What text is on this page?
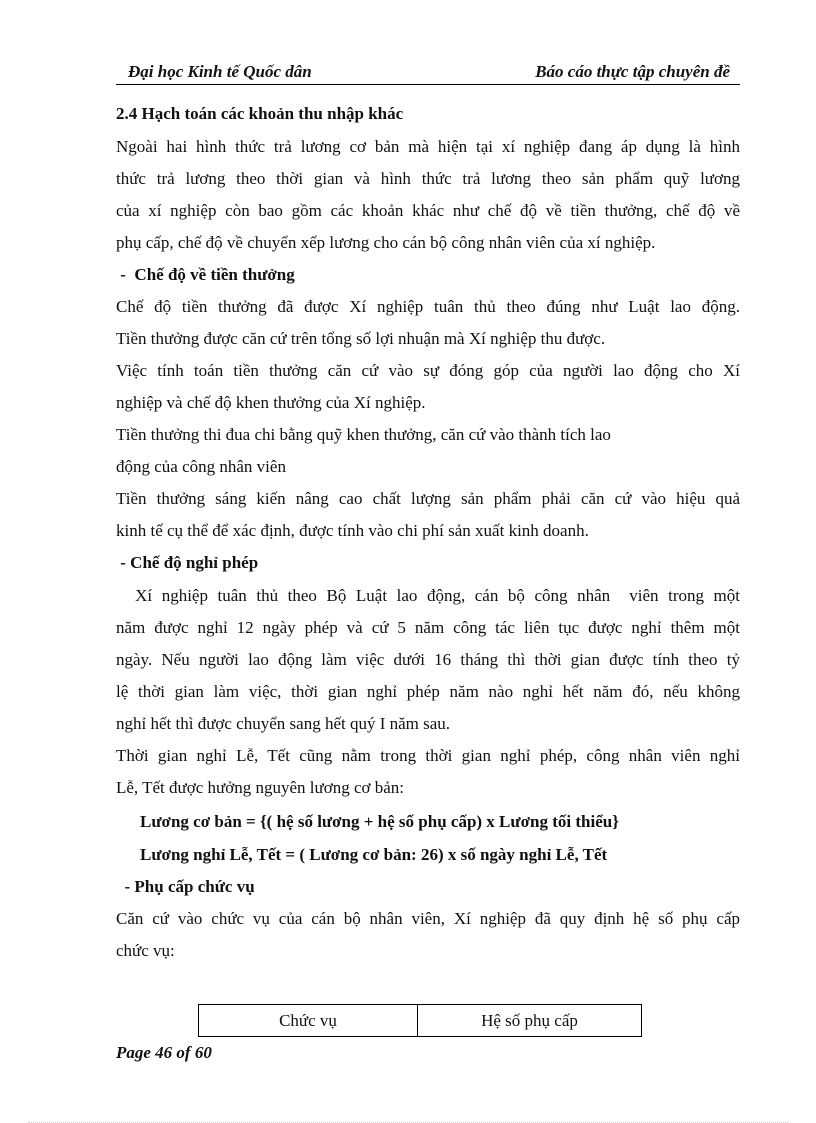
Đại học Kinh tế Quốc dân	Báo cáo thực tập chuyên đề
2.4 Hạch toán các khoản thu nhập khác
Ngoài hai hình thức trả lương cơ bản mà hiện tại xí nghiệp đang áp dụng là hình
thức trả lương theo thời gian và hình thức trả lương theo sản phẩm quỹ lương
của xí nghiệp còn bao gồm các khoản khác như chế độ về tiền thưởng, chế độ về
phụ cấp, chế độ về chuyển xếp lương cho cán bộ công nhân viên của xí nghiệp.
-  Chế độ về tiền thưởng
Chế độ tiền thưởng đã được Xí nghiệp tuân thủ theo đúng như Luật lao động.
Tiền thưởng được căn cứ trên tổng số lợi nhuận mà Xí nghiệp thu được.
Việc tính toán tiền thưởng căn cứ vào sự đóng góp của người lao động cho Xí
nghiệp và chế độ khen thưởng của Xí nghiệp.
Tiền thưởng thi đua chi bằng quỹ khen thưởng, căn cứ vào thành tích lao
động của công nhân viên
Tiền thưởng sáng kiến nâng cao chất lượng sản phẩm phải căn cứ vào hiệu quả
kinh tế cụ thể để xác định, được tính vào chi phí sản xuất kinh doanh.
- Chế độ nghỉ phép
Xí nghiệp tuân thủ theo Bộ Luật lao động, cán bộ công nhân  viên trong một
năm được nghỉ 12 ngày phép và cứ 5 năm công tác liên tục được nghỉ thêm một
ngày. Nếu người lao động làm việc dưới 16 tháng thì thời gian được tính theo tỷ
lệ thời gian làm việc, thời gian nghỉ phép năm nào nghỉ hết năm đó, nếu không
nghỉ hết thì được chuyển sang hết quý I năm sau.
Thời gian nghỉ Lễ, Tết cũng nằm trong thời gian nghỉ phép, công nhân viên nghỉ
Lễ, Tết được hưởng nguyên lương cơ bản:
Lương cơ bản = {( hệ số lương + hệ số phụ cấp) x Lương tối thiểu}
Lương nghỉ Lễ, Tết = ( Lương cơ bản: 26) x số ngày nghỉ Lễ, Tết
- Phụ cấp chức vụ
Căn cứ vào chức vụ của cán bộ nhân viên, Xí nghiệp đã quy định hệ số phụ cấp
chức vụ:
Chức vụ	Hệ số phụ cấp
Page 46 of 60
